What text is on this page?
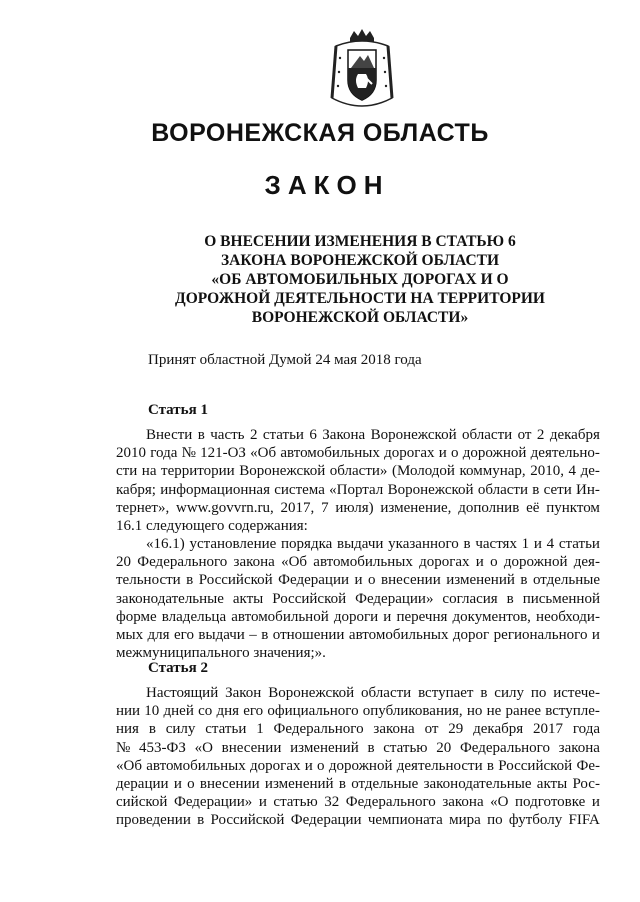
ВОРОНЕЖСКАЯ ОБЛАСТЬ
ЗАКОН
О ВНЕСЕНИИ ИЗМЕНЕНИЯ В СТАТЬЮ 6
ЗАКОНА ВОРОНЕЖСКОЙ ОБЛАСТИ
«ОБ АВТОМОБИЛЬНЫХ ДОРОГАХ И О
ДОРОЖНОЙ ДЕЯТЕЛЬНОСТИ НА ТЕРРИТОРИИ
ВОРОНЕЖСКОЙ ОБЛАСТИ»
Принят областной Думой 24 мая 2018 года
Статья 1
Внести в часть 2 статьи 6 Закона Воронежской области от 2 декабря
2010 года № 121-ОЗ «Об автомобильных дорогах и о дорожной деятельно-
сти на территории Воронежской области» (Молодой коммунар, 2010, 4 де-
кабря; информационная система «Портал Воронежской области в сети Ин-
тернет», www.govvrn.ru, 2017, 7 июля) изменение, дополнив её пунктом
16.1 следующего содержания:
«16.1) установление порядка выдачи указанного в частях 1 и 4 статьи
20 Федерального закона «Об автомобильных дорогах и о дорожной дея-
тельности в Российской Федерации и о внесении изменений в отдельные
законодательные акты Российской Федерации» согласия в письменной
форме владельца автомобильной дороги и перечня документов, необходи-
мых для его выдачи – в отношении автомобильных дорог регионального и
межмуниципального значения;».
Статья 2
Настоящий Закон Воронежской области вступает в силу по истече-
нии 10 дней со дня его официального опубликования, но не ранее вступле-
ния в силу статьи 1 Федерального закона от 29 декабря 2017 года
№ 453-ФЗ «О внесении изменений в статью 20 Федерального закона
«Об автомобильных дорогах и о дорожной деятельности в Российской Фе-
дерации и о внесении изменений в отдельные законодательные акты Рос-
сийской Федерации» и статью 32 Федерального закона «О подготовке и
проведении в Российской Федерации чемпионата мира по футболу FIFA
